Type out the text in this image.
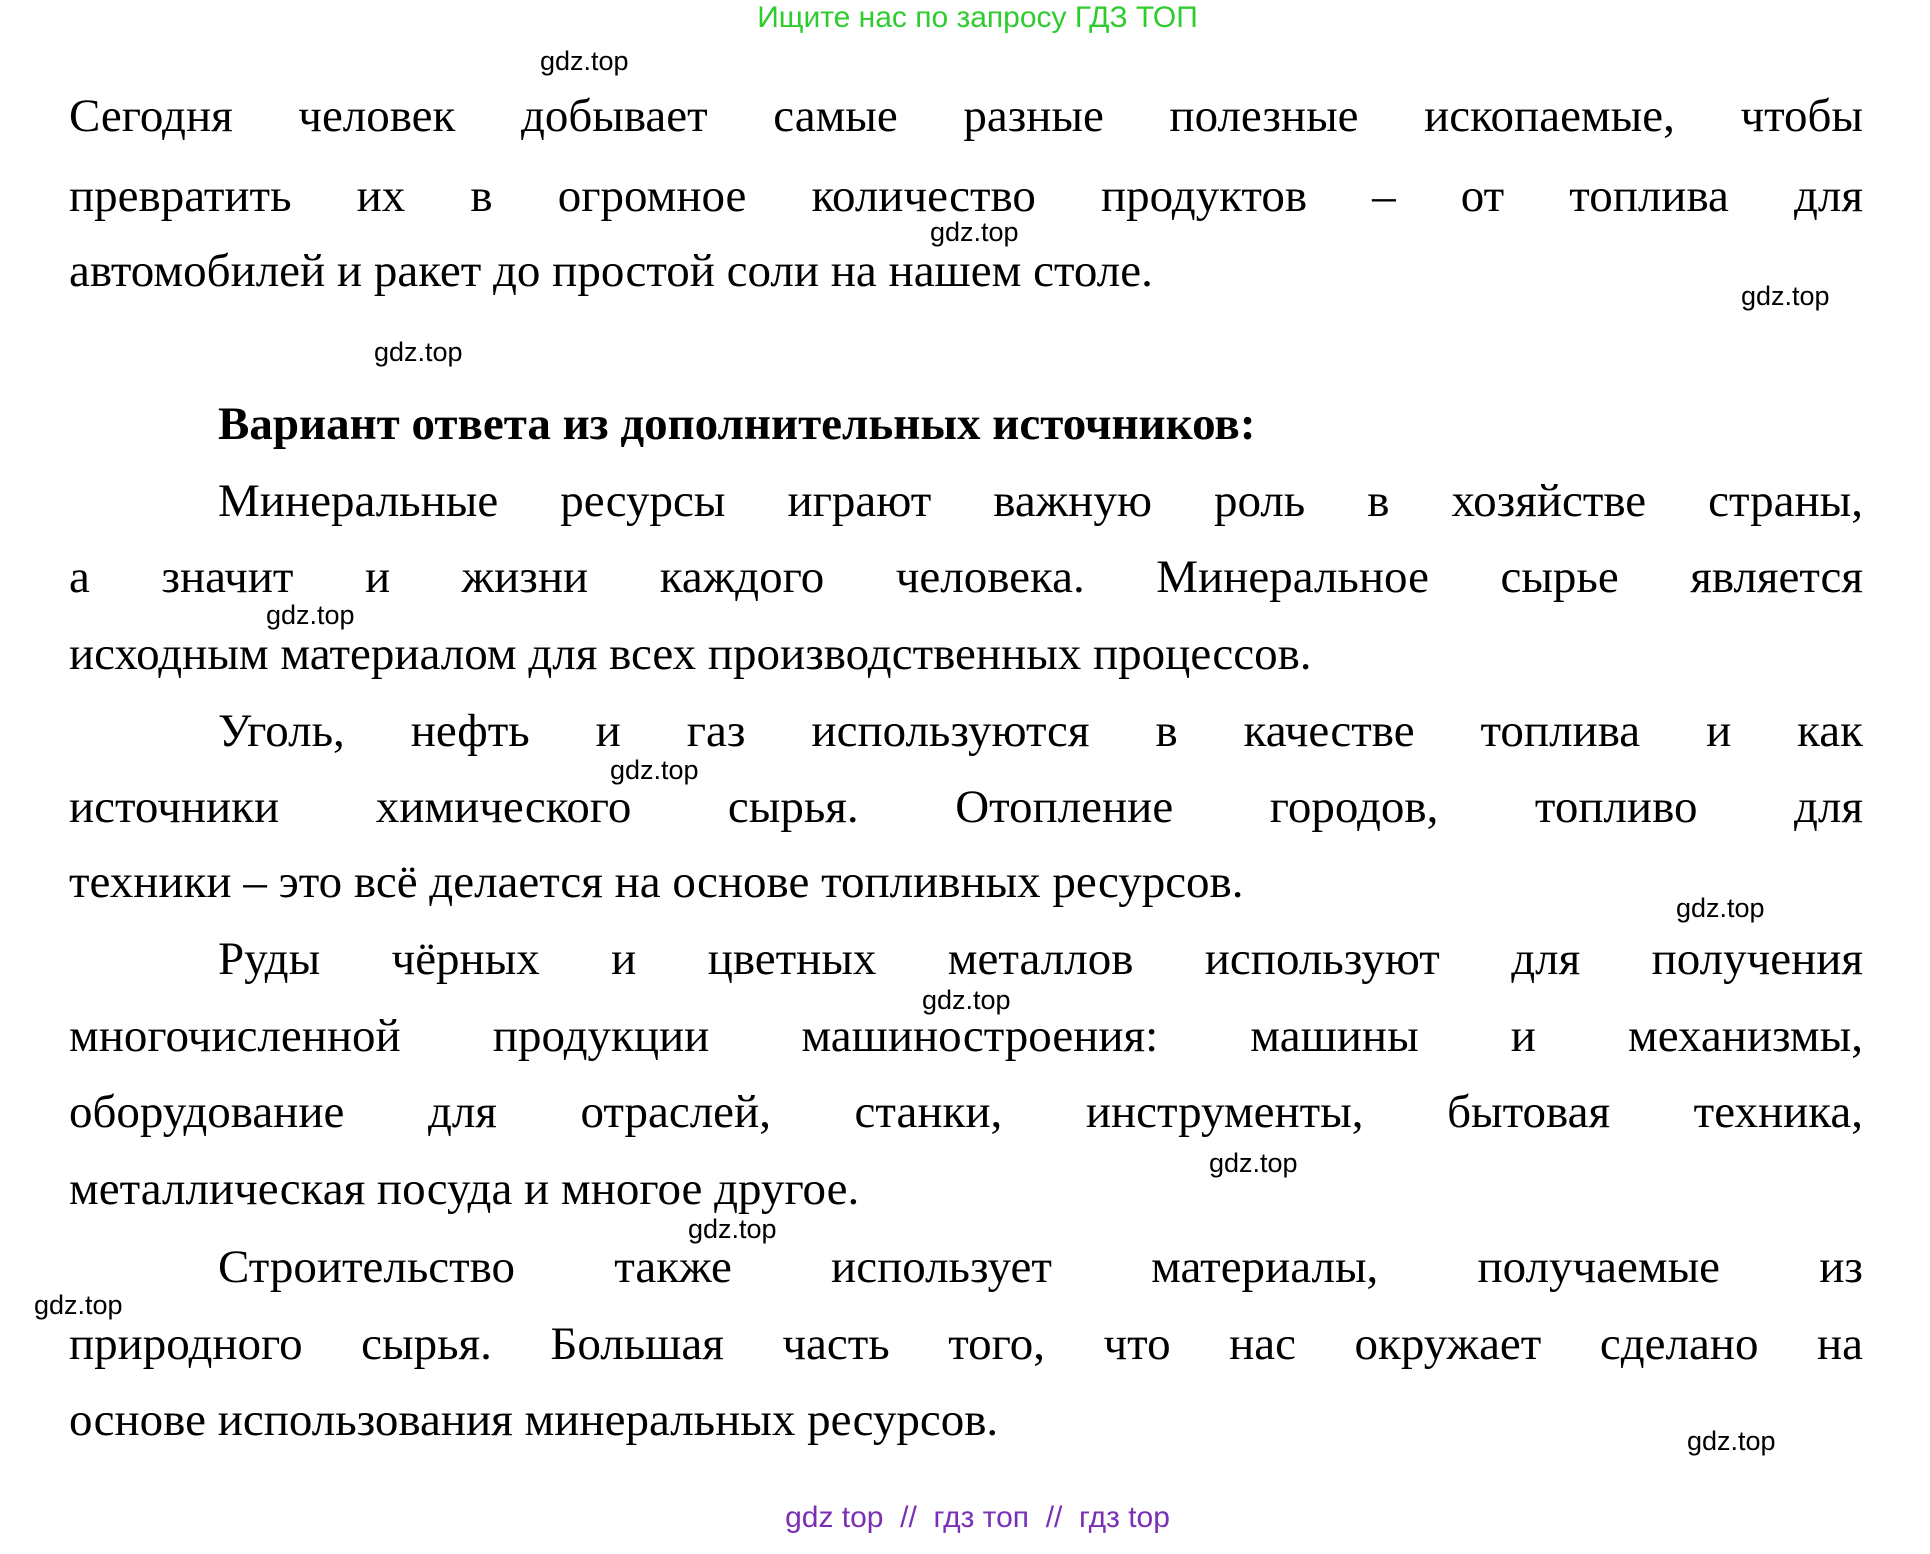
Ищите нас по запросу ГДЗ ТОП
Сегодня человек добывает самые разные полезные ископаемые, чтобы
превратить их в огромное количество продуктов – от топлива для
автомобилей и ракет до простой соли на нашем столе.
Вариант ответа из дополнительных источников:
Минеральные ресурсы играют важную роль в хозяйстве страны,
а значит и жизни каждого человека. Минеральное сырье является
исходным материалом для всех производственных процессов.
Уголь, нефть и газ используются в качестве топлива и как
источники химического сырья. Отопление городов, топливо для
техники – это всё делается на основе топливных ресурсов.
Руды чёрных и цветных металлов используют для получения
многочисленной продукции машиностроения: машины и механизмы,
оборудование для отраслей, станки, инструменты, бытовая техника,
металлическая посуда и многое другое.
Строительство также использует материалы, получаемые из
природного сырья. Большая часть того, что нас окружает сделано на
основе использования минеральных ресурсов.
gdz.top
gdz.top
gdz.top
gdz.top
gdz.top
gdz.top
gdz.top
gdz.top
gdz.top
gdz.top
gdz.top
gdz.top
gdz top  //  гдз топ  //  гдз top
